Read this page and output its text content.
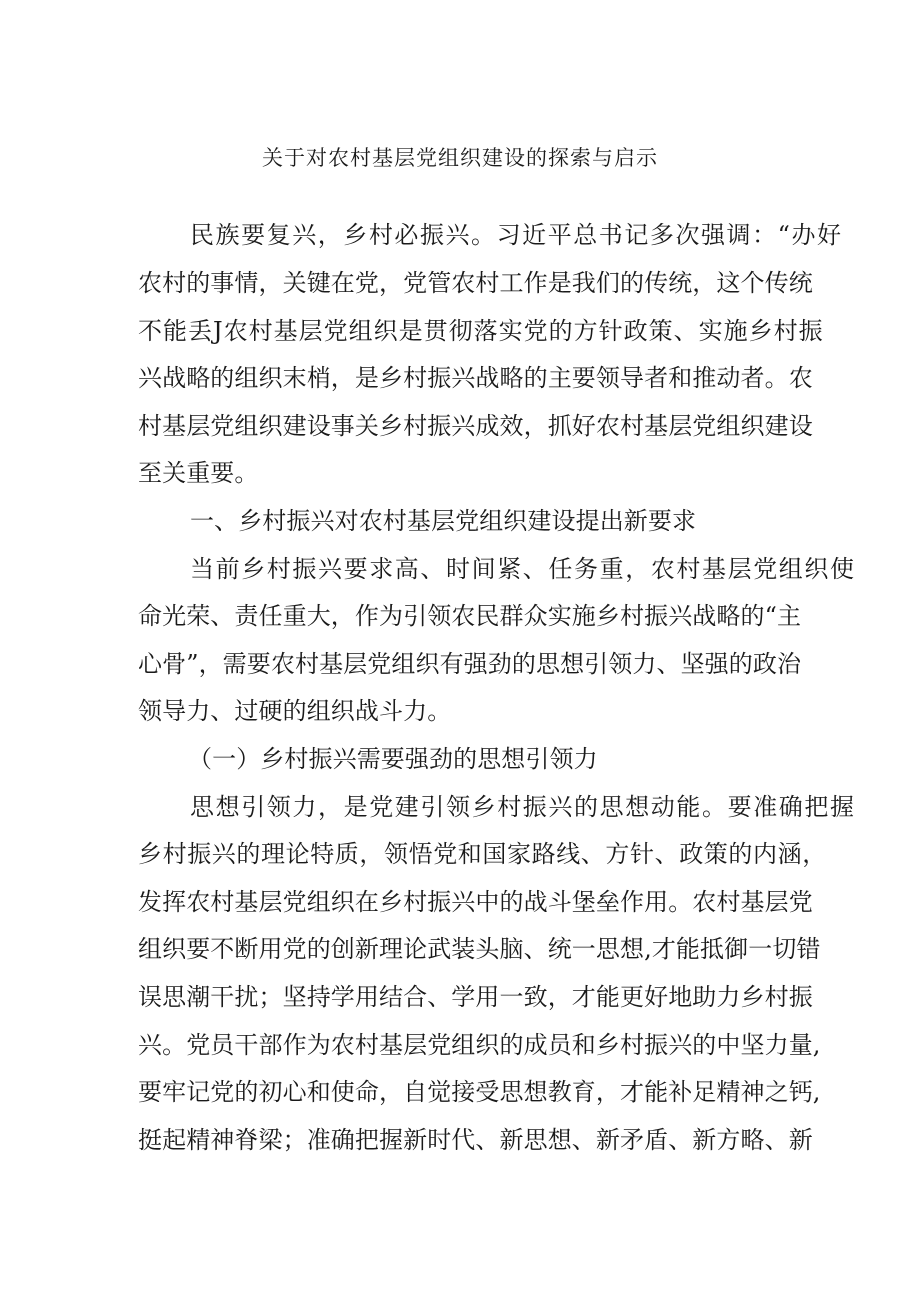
关于对农村基层党组织建设的探索与启示
民族要复兴，乡村必振兴。习近平总书记多次强调：“办好
农村的事情，关键在党，党管农村工作是我们的传统，这个传统
不能丢J农村基层党组织是贯彻落实党的方针政策、实施乡村振
兴战略的组织末梢，是乡村振兴战略的主要领导者和推动者。农
村基层党组织建设事关乡村振兴成效，抓好农村基层党组织建设
至关重要。
一、乡村振兴对农村基层党组织建设提出新要求
当前乡村振兴要求高、时间紧、任务重，农村基层党组织使
命光荣、责任重大，作为引领农民群众实施乡村振兴战略的“主
心骨”，需要农村基层党组织有强劲的思想引领力、坚强的政治
领导力、过硬的组织战斗力。
（一）乡村振兴需要强劲的思想引领力
思想引领力，是党建引领乡村振兴的思想动能。要准确把握
乡村振兴的理论特质，领悟党和国家路线、方针、政策的内涵，
发挥农村基层党组织在乡村振兴中的战斗堡垒作用。农村基层党
组织要不断用党的创新理论武装头脑、统一思想,才能抵御一切错
误思潮干扰；坚持学用结合、学用一致，才能更好地助力乡村振
兴。党员干部作为农村基层党组织的成员和乡村振兴的中坚力量,
要牢记党的初心和使命，自觉接受思想教育，才能补足精神之钙,
挺起精神脊梁；准确把握新时代、新思想、新矛盾、新方略、新
